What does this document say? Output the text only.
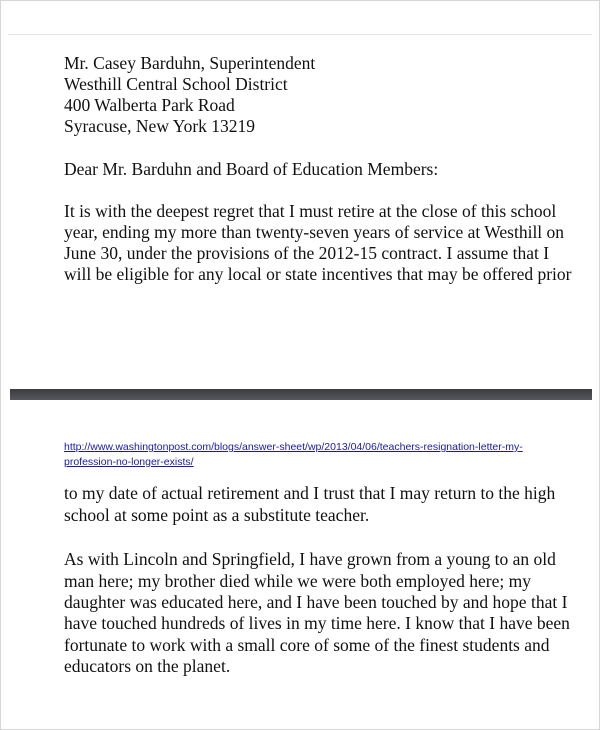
Mr. Casey Barduhn, Superintendent
Westhill Central School District
400 Walberta Park Road
Syracuse, New York 13219
Dear Mr. Barduhn and Board of Education Members:
It is with the deepest regret that I must retire at the close of this school
year, ending my more than twenty-seven years of service at Westhill on
June 30, under the provisions of the 2012-15 contract. I assume that I
will be eligible for any local or state incentives that may be offered prior
http://www.washingtonpost.com/blogs/answer-sheet/wp/2013/04/06/teachers-resignation-letter-my-
profession-no-longer-exists/
to my date of actual retirement and I trust that I may return to the high
school at some point as a substitute teacher.
As with Lincoln and Springfield, I have grown from a young to an old
man here; my brother died while we were both employed here; my
daughter was educated here, and I have been touched by and hope that I
have touched hundreds of lives in my time here. I know that I have been
fortunate to work with a small core of some of the finest students and
educators on the planet.
